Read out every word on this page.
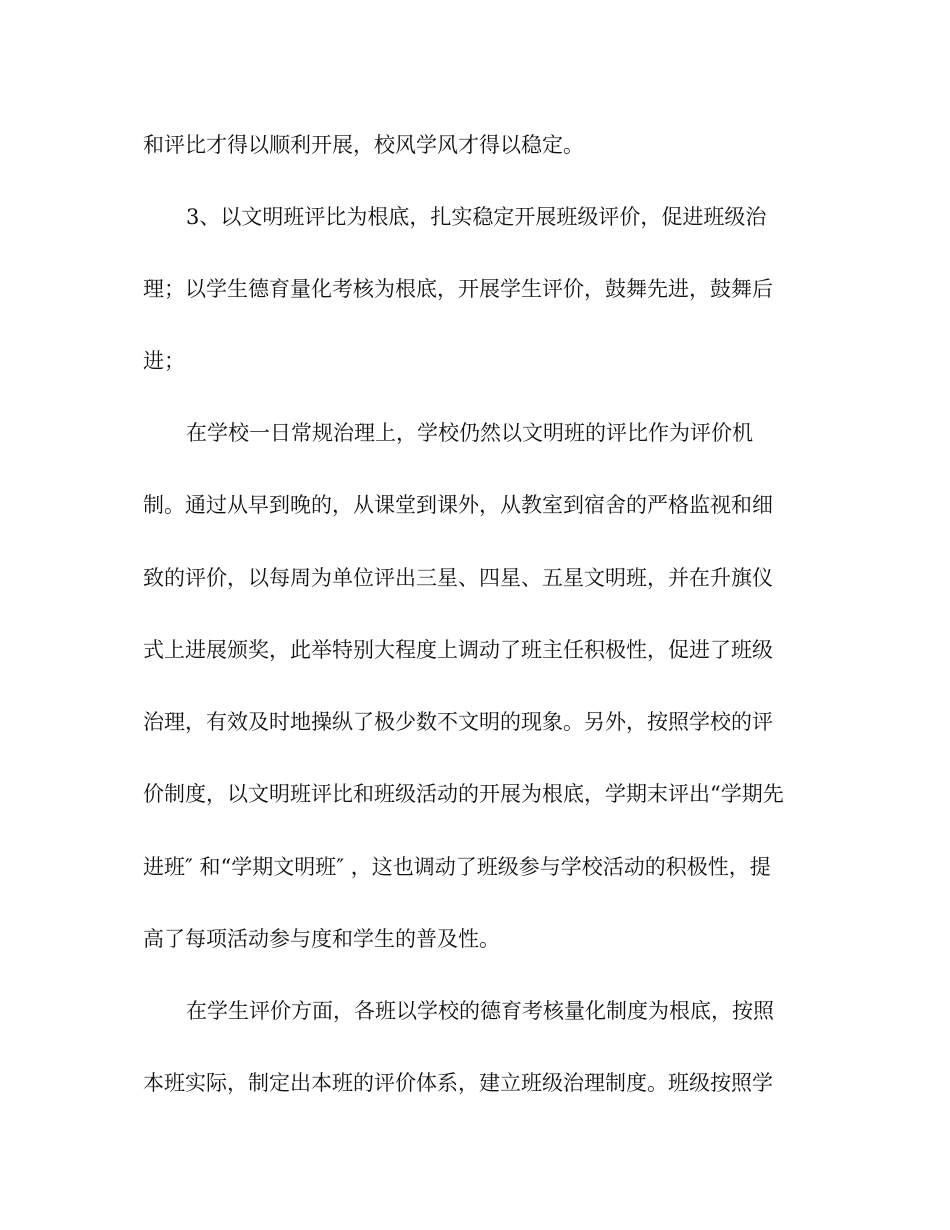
和评比才得以顺利开展，校风学风才得以稳定。
3、以文明班评比为根底，扎实稳定开展班级评价，促进班级治
理；以学生德育量化考核为根底，开展学生评价，鼓舞先进，鼓舞后
进；
在学校一日常规治理上，学校仍然以文明班的评比作为评价机
制。通过从早到晚的，从课堂到课外，从教室到宿舍的严格监视和细
致的评价，以每周为单位评出三星、四星、五星文明班，并在升旗仪
式上进展颁奖，此举特别大程度上调动了班主任积极性，促进了班级
治理，有效及时地操纵了极少数不文明的现象。另外，按照学校的评
价制度，以文明班评比和班级活动的开展为根底，学期末评出“学期先
进班″ 和“学期文明班″ ，这也调动了班级参与学校活动的积极性，提
高了每项活动参与度和学生的普及性。
在学生评价方面，各班以学校的德育考核量化制度为根底，按照
本班实际，制定出本班的评价体系，建立班级治理制度。班级按照学
